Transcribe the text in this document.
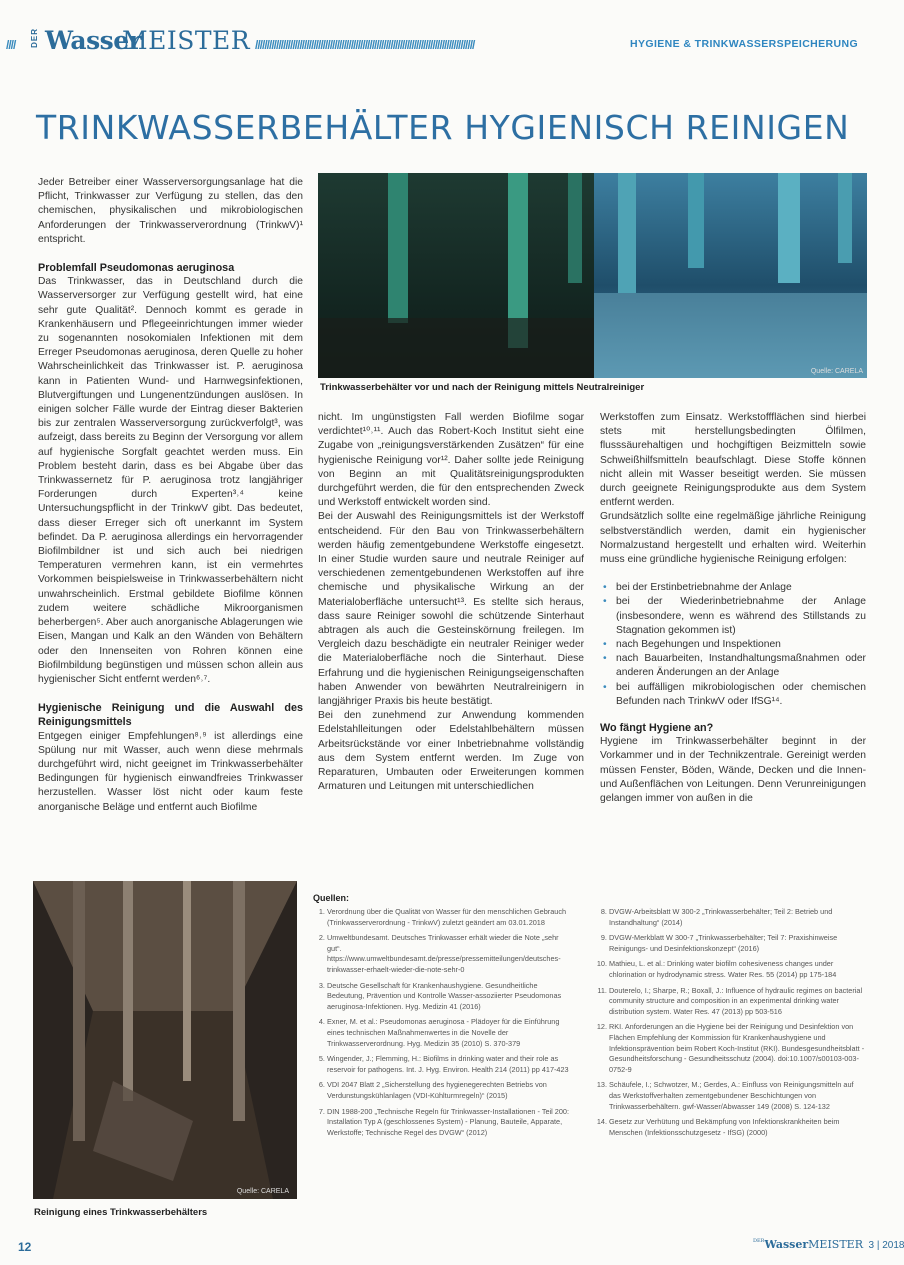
//// DER Wasser
MEISTER //////////////////////////////////////////////////////////////////////////////////////////////	HYGIENE & TRINKWASSERSPEICHERUNG
TRINKWASSERBEHÄLTER HYGIENISCH REINIGEN

Jeder Betreiber einer Wasserversorgungsanlage hat die Pflicht, Trinkwasser zur Verfügung zu stellen, das den chemischen, physikalischen und mikrobiologischen Anforderungen der Trinkwasserverordnung (TrinkwV)¹ entspricht.

Problemfall Pseudomonas aeruginosa

Das Trinkwasser, das in Deutschland durch die Wasserversorger zur Verfügung gestellt wird, hat eine sehr gute Qualität². Dennoch kommt es gerade in Krankenhäusern und Pflegeeinrichtungen immer wieder zu sogenannten nosokomialen Infektionen mit dem Erreger Pseudomonas aeruginosa, deren Quelle zu hoher Wahrscheinlichkeit das Trinkwasser ist. P. aeruginosa kann in Patienten Wund- und Harnwegsinfektionen, Blutvergiftungen und Lungenentzündungen auslösen. In einigen solcher Fälle wurde der Eintrag dieser Bakterien bis zur zentralen Wasserversorgung zurückverfolgt³, was aufzeigt, dass bereits zu Beginn der Versorgung vor allem auf hygienische Sorgfalt geachtet werden muss. Ein Problem besteht darin, dass es bei Abgabe über das Trinkwassernetz für P. aeruginosa trotz langjähriger Forderungen durch Experten³˒⁴ keine Untersuchungspflicht in der TrinkwV gibt. Das bedeutet, dass dieser Erreger sich oft unerkannt im System befindet. Da P. aeruginosa allerdings ein hervorragender Biofilmbildner ist und sich auch bei niedrigen Temperaturen vermehren kann, ist ein vermehrtes Vorkommen beispielsweise in Trinkwasserbehältern nicht unwahrscheinlich. Erstmal gebildete Biofilme können zudem weitere schädliche Mikroorganismen beherbergen⁵. Aber auch anorganische Ablagerungen wie Eisen, Mangan und Kalk an den Wänden von Behältern oder den Innenseiten von Rohren können eine Biofilmbildung begünstigen und müssen schon allein aus hygienischer Sicht entfernt werden⁶˒⁷.

Hygienische Reinigung und die Auswahl des Reinigungsmittels

Entgegen einiger Empfehlungen⁸˒⁹ ist allerdings eine Spülung nur mit Wasser, auch wenn diese mehrmals durchgeführt wird, nicht geeignet im Trinkwasserbehälter Bedingungen für hygienisch einwandfreies Trinkwasser herzustellen. Wasser löst nicht oder kaum feste anorganische Beläge und entfernt auch Biofilme

Quelle: CARELA
Trinkwasserbehälter vor und nach der Reinigung mittels Neutralreiniger

nicht. Im ungünstigsten Fall werden Biofilme sogar verdichtet¹⁰˒¹¹. Auch das Robert-Koch Institut sieht eine Zugabe von „reinigungsverstärkenden Zusätzen“ für eine hygienische Reinigung vor¹². Daher sollte jede Reinigung von Beginn an mit Qualitätsreinigungsprodukten durchgeführt werden, die für den entsprechenden Zweck und Werkstoff entwickelt worden sind.

Bei der Auswahl des Reinigungsmittels ist der Werkstoff entscheidend. Für den Bau von Trinkwasserbehältern werden häufig zementgebundene Werkstoffe eingesetzt. In einer Studie wurden saure und neutrale Reiniger auf verschiedenen zementgebundenen Werkstoffen auf ihre chemische und physikalische Wirkung an der Materialoberfläche untersucht¹³. Es stellte sich heraus, dass saure Reiniger sowohl die schützende Sinterhaut abtragen als auch die Gesteinskörnung freilegen. Im Vergleich dazu beschädigte ein neutraler Reiniger weder die Materialoberfläche noch die Sinterhaut. Diese Erfahrung und die hygienischen Reinigungseigenschaften haben Anwender von bewährten Neutralreinigern in langjähriger Praxis bis heute bestätigt.

Bei den zunehmend zur Anwendung kommenden Edelstahlleitungen oder Edelstahlbehältern müssen Arbeitsrückstände vor einer Inbetriebnahme vollständig aus dem System entfernt werden. Im Zuge von Reparaturen, Umbauten oder Erweiterungen kommen Armaturen und Leitungen mit unterschiedlichen

Werkstoffen zum Einsatz. Werkstoffflächen sind hierbei stets mit herstellungsbedingten Ölfilmen, flusssäurehaltigen und hochgiftigen Beizmitteln sowie Schweißhilfsmitteln beaufschlagt. Diese Stoffe können nicht allein mit Wasser beseitigt werden. Sie müssen durch geeignete Reinigungsprodukte aus dem System entfernt werden.

Grundsätzlich sollte eine regelmäßige jährliche Reinigung selbstverständlich werden, damit ein hygienischer Normalzustand hergestellt und erhalten wird. Weiterhin muss eine gründliche hygienische Reinigung erfolgen:

• bei der Erstinbetriebnahme der Anlage
• bei der Wiederinbetriebnahme der Anlage (insbesondere, wenn es während des Stillstands zu Stagnation gekommen ist)
• nach Begehungen und Inspektionen
• nach Bauarbeiten, Instandhaltungsmaßnahmen oder anderen Änderungen an der Anlage
• bei auffälligen mikrobiologischen oder chemischen Befunden nach TrinkwV oder IfSG¹⁴.
Wo fängt Hygiene an?

Hygiene im Trinkwasserbehälter beginnt in der Vorkammer und in der Technikzentrale. Gereinigt werden müssen Fenster, Böden, Wände, Decken und die Innen- und Außenflächen von Leitungen. Denn Verunreinigungen gelangen immer von außen in die

Quelle: CARELA
Reinigung eines Trinkwasserbehälters
Quellen:
1. Verordnung über die Qualität von Wasser für den menschlichen Gebrauch (Trinkwasserverordnung - TrinkwV) zuletzt geändert am 03.01.2018
2. Umweltbundesamt. Deutsches Trinkwasser erhält wieder die Note „sehr gut“. https://www.umweltbundesamt.de/presse/pressemitteilungen/deutsches-trinkwasser-erhaelt-wieder-die-note-sehr-0
3. Deutsche Gesellschaft für Krankenhaushygiene. Gesundheitliche Bedeutung, Prävention und Kontrolle Wasser-assoziierter Pseudomonas aeruginosa-Infektionen. Hyg. Medizin 41 (2016)
4. Exner, M. et al.: Pseudomonas aeruginosa - Plädoyer für die Einführung eines technischen Maßnahmenwertes in die Novelle der Trinkwasserverordnung. Hyg. Medizin 35 (2010) S. 370-379
5. Wingender, J.; Flemming, H.: Biofilms in drinking water and their role as reservoir for pathogens. Int. J. Hyg. Environ. Health 214 (2011) pp 417-423
6. VDI 2047 Blatt 2 „Sicherstellung des hygienegerechten Betriebs von Verdunstungskühlanlagen (VDI-Kühlturmregeln)“ (2015)
7. DIN 1988-200 „Technische Regeln für Trinkwasser-Installationen - Teil 200: Installation Typ A (geschlossenes System) - Planung, Bauteile, Apparate, Werkstoffe; Technische Regel des DVGW“ (2012)
8. DVGW-Arbeitsblatt W 300-2 „Trinkwasserbehälter; Teil 2: Betrieb und Instandhaltung“ (2014)
9. DVGW-Merkblatt W 300-7 „Trinkwasserbehälter; Teil 7: Praxishinweise Reinigungs- und Desinfektionskonzept“ (2016)
10. Mathieu, L. et al.: Drinking water biofilm cohesiveness changes under chlorination or hydrodynamic stress. Water Res. 55 (2014) pp 175-184
11. Douterelo, I.; Sharpe, R.; Boxall, J.: Influence of hydraulic regimes on bacterial community structure and composition in an experimental drinking water distribution system. Water Res. 47 (2013) pp 503-516
12. RKI. Anforderungen an die Hygiene bei der Reinigung und Desinfektion von Flächen Empfehlung der Kommission für Krankenhaushygiene und Infektionsprävention beim Robert Koch-Institut (RKI). Bundesgesundheitsblatt - Gesundheitsforschung - Gesundheitsschutz (2004). doi:10.1007/s00103-003-0752-9
13. Schäufele, I.; Schwotzer, M.; Gerdes, A.: Einfluss von Reinigungsmitteln auf das Werkstoffverhalten zementgebundener Beschichtungen von Trinkwasserbehältern. gwf-Wasser/Abwasser 149 (2008) S. 124-132
14. Gesetz zur Verhütung und Bekämpfung von Infektionskrankheiten beim Menschen (Infektionsschutzgesetz - IfSG) (2000)
12	$^{DER}$WasserMEISTER 3 | 2018
